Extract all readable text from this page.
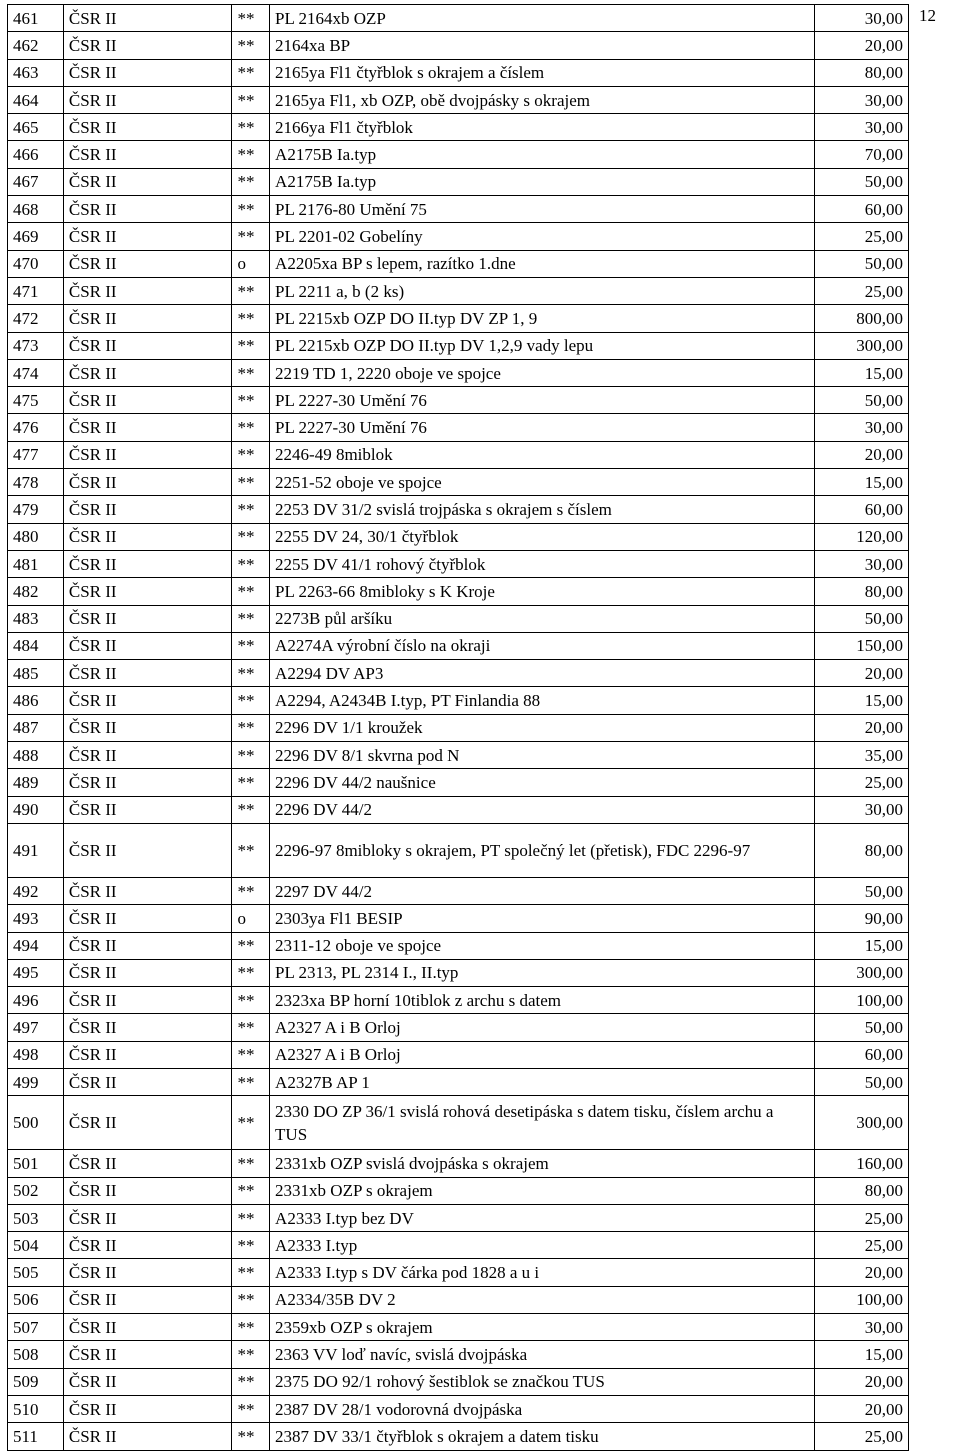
461	ČSR II	**	PL 2164xb OZP	30,00
462	ČSR II	**	2164xa BP	20,00
463	ČSR II	**	2165ya Fl1 čtyřblok s okrajem a číslem	80,00
464	ČSR II	**	2165ya Fl1, xb OZP, obě dvojpásky s okrajem	30,00
465	ČSR II	**	2166ya Fl1 čtyřblok	30,00
466	ČSR II	**	A2175B Ia.typ	70,00
467	ČSR II	**	A2175B Ia.typ	50,00
468	ČSR II	**	PL 2176-80 Umění 75	60,00
469	ČSR II	**	PL 2201-02 Gobelíny	25,00
470	ČSR II	o	A2205xa BP s lepem, razítko 1.dne	50,00
471	ČSR II	**	PL 2211 a, b (2 ks)	25,00
472	ČSR II	**	PL 2215xb OZP DO II.typ DV ZP 1, 9	800,00
473	ČSR II	**	PL 2215xb OZP DO II.typ DV 1,2,9 vady lepu	300,00
474	ČSR II	**	2219 TD 1, 2220 oboje ve spojce	15,00
475	ČSR II	**	PL 2227-30 Umění 76	50,00
476	ČSR II	**	PL 2227-30 Umění 76	30,00
477	ČSR II	**	2246-49 8miblok	20,00
478	ČSR II	**	2251-52 oboje ve spojce	15,00
479	ČSR II	**	2253 DV 31/2 svislá trojpáska s okrajem s číslem	60,00
480	ČSR II	**	2255 DV 24, 30/1 čtyřblok	120,00
481	ČSR II	**	2255 DV 41/1 rohový čtyřblok	30,00
482	ČSR II	**	PL 2263-66 8mibloky s K Kroje	80,00
483	ČSR II	**	2273B půl aršíku	50,00
484	ČSR II	**	A2274A výrobní číslo na okraji	150,00
485	ČSR II	**	A2294 DV AP3	20,00
486	ČSR II	**	A2294, A2434B I.typ, PT Finlandia 88	15,00
487	ČSR II	**	2296 DV 1/1 kroužek	20,00
488	ČSR II	**	2296 DV 8/1 skvrna pod N	35,00
489	ČSR II	**	2296 DV 44/2 naušnice	25,00
490	ČSR II	**	2296 DV 44/2	30,00
491	ČSR II	**	2296-97 8mibloky s okrajem, PT společný let (přetisk), FDC 2296-97	80,00
492	ČSR II	**	2297 DV 44/2	50,00
493	ČSR II	o	2303ya Fl1 BESIP	90,00
494	ČSR II	**	2311-12 oboje ve spojce	15,00
495	ČSR II	**	PL 2313, PL 2314 I., II.typ	300,00
496	ČSR II	**	2323xa BP horní 10tiblok z archu s datem	100,00
497	ČSR II	**	A2327 A i B Orloj	50,00
498	ČSR II	**	A2327 A i B Orloj	60,00
499	ČSR II	**	A2327B AP 1	50,00
500	ČSR II	**	2330 DO ZP 36/1 svislá rohová desetipáska s datem tisku, číslem archu a TUS	300,00
501	ČSR II	**	2331xb OZP svislá dvojpáska s okrajem	160,00
502	ČSR II	**	2331xb OZP s okrajem	80,00
503	ČSR II	**	A2333 I.typ bez DV	25,00
504	ČSR II	**	A2333 I.typ	25,00
505	ČSR II	**	A2333 I.typ s DV čárka pod 1828 a u i	20,00
506	ČSR II	**	A2334/35B DV 2	100,00
507	ČSR II	**	2359xb OZP s okrajem	30,00
508	ČSR II	**	2363 VV loď navíc, svislá dvojpáska	15,00
509	ČSR II	**	2375 DO 92/1 rohový šestiblok se značkou TUS	20,00
510	ČSR II	**	2387 DV 28/1 vodorovná dvojpáska	20,00
511	ČSR II	**	2387 DV 33/1 čtyřblok s okrajem a datem tisku	25,00
12
